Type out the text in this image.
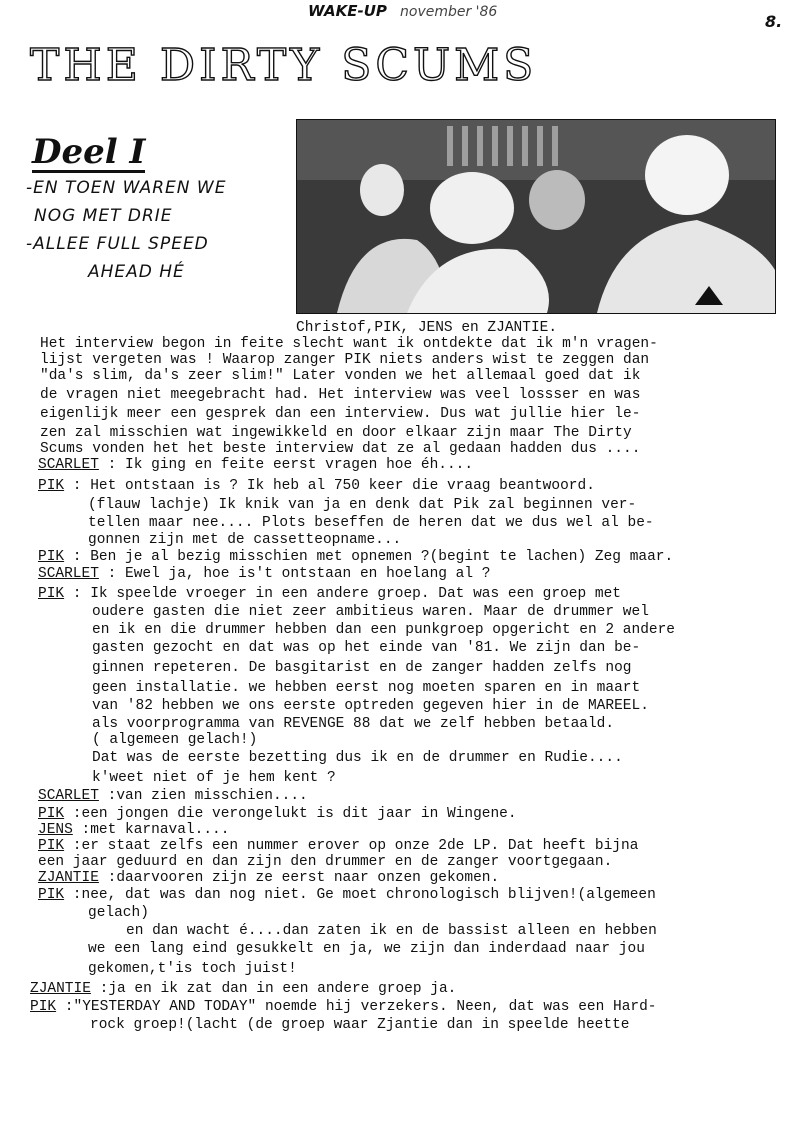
WAKE-UP november '86	8.
THE DIRTY SCUMS
Deel I
-EN TOEN WAREN WE
NOG MET DRIE
-ALLEE FULL SPEED
AHEAD HÉ
Christof,PIK, JENS en ZJANTIE.
Het interview begon in feite slecht want ik ontdekte dat ik m'n vragen-
lijst vergeten was ! Waarop zanger PIK niets anders wist te zeggen dan
"da's slim, da's zeer slim!" Later vonden we het allemaal goed dat ik
de vragen niet meegebracht had. Het interview was veel lossser en was
eigenlijk meer een gesprek dan een interview. Dus wat jullie hier le-
zen zal misschien wat ingewikkeld en door elkaar zijn maar The Dirty
Scums vonden het het beste interview dat ze al gedaan hadden dus ....
SCARLET : Ik ging en feite eerst vragen hoe éh....
PIK : Het ontstaan is ? Ik heb al 750 keer die vraag beantwoord.
(flauw lachje) Ik knik van ja en denk dat Pik zal beginnen ver-
tellen maar nee.... Plots beseffen de heren dat we dus wel al be-
gonnen zijn met de cassetteopname...
PIK : Ben je al bezig misschien met opnemen ?(begint te lachen) Zeg maar.
SCARLET : Ewel ja, hoe is't ontstaan en hoelang al ?
PIK : Ik speelde vroeger in een andere groep. Dat was een groep met
oudere gasten die niet zeer ambitieus waren. Maar de drummer wel
en ik en die drummer hebben dan een punkgroep opgericht en 2 andere
gasten gezocht en dat was op het einde van '81. We zijn dan be-
ginnen repeteren. De basgitarist en de zanger hadden zelfs nog
geen installatie. we hebben eerst nog moeten sparen en in maart
van '82 hebben we ons eerste optreden gegeven hier in de MAREEL.
als voorprogramma van REVENGE 88 dat we zelf hebben betaald.
( algemeen gelach!)
Dat was de eerste bezetting dus ik en de drummer en Rudie....
k'weet niet of je hem kent ?
SCARLET :van zien misschien....
PIK :een jongen die verongelukt is dit jaar in Wingene.
JENS :met karnaval....
PIK :er staat zelfs een nummer erover op onze 2de LP. Dat heeft bijna
een jaar geduurd en dan zijn den drummer en de zanger voortgegaan.
ZJANTIE :daarvooren zijn ze eerst naar onzen gekomen.
PIK :nee, dat was dan nog niet. Ge moet chronologisch blijven!(algemeen
gelach)
en dan wacht é....dan zaten ik en de bassist alleen en hebben
we een lang eind gesukkelt en ja, we zijn dan inderdaad naar jou
gekomen,t'is toch juist!
ZJANTIE :ja en ik zat dan in een andere groep ja.
PIK :"YESTERDAY AND TODAY" noemde hij verzekers. Neen, dat was een Hard-
rock groep!(lacht (de groep waar Zjantie dan in speelde heette
